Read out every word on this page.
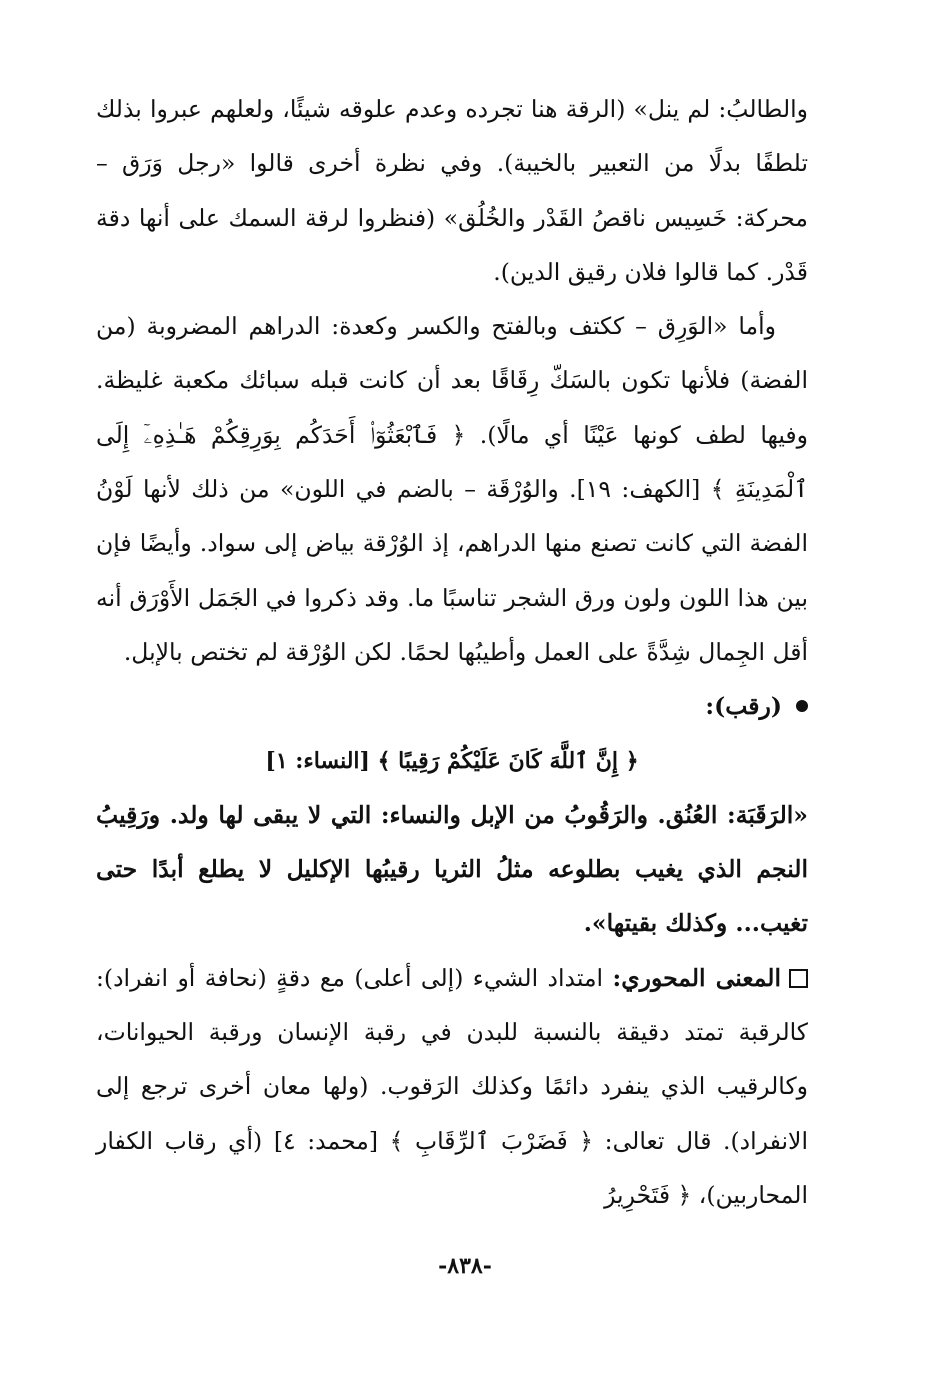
والطالبُ: لم ينل» (الرقة هنا تجرده وعدم علوقه شيئًا، ولعلهم عبروا بذلك تلطفًا بدلًا من التعبير بالخيبة). وفي نظرة أخرى قالوا «رجل وَرَق – محركة: خَسِيس ناقصُ القَدْر والخُلُق» (فنظروا لرقة السمك على أنها دقة قَدْر. كما قالوا فلان رقيق الدين).

وأما «الوَرِق – ككتف وبالفتح والكسر وكعدة: الدراهم المضروبة (من الفضة) فلأنها تكون بالسَكّ رِقَاقًا بعد أن كانت قبله سبائك مكعبة غليظة. وفيها لطف كونها عَيْنًا أي مالًا). ﴿ فَٱبْعَثُوٓا۟ أَحَدَكُم بِوَرِقِكُمْ هَـٰذِهِۦٓ إِلَى ٱلْمَدِينَةِ ﴾ [الكهف: ١٩]. والوُرْقَة – بالضم في اللون» من ذلك لأنها لَوْنُ الفضة التي كانت تصنع منها الدراهم، إذ الوُرْقة بياض إلى سواد. وأيضًا فإن بين هذا اللون ولون ورق الشجر تناسبًا ما. وقد ذكروا في الجَمَل الأَوْرَق أنه أقل الجِمال شِدَّةً على العمل وأطيبُها لحمًا. لكن الوُرْقة لم تختص بالإبل.

(رقب):

﴿ إِنَّ ٱللَّهَ كَانَ عَلَيْكُمْ رَقِيبًا ﴾ [النساء: ١]

«الرَقَبَة: العُنُق. والرَقُوبُ من الإبل والنساء: التي لا يبقى لها ولد. ورَقِيبُ النجم الذي يغيب بطلوعه مثلُ الثريا رقيبُها الإكليل لا يطلع أبدًا حتى تغيب... وكذلك بقيتها».

المعنى المحوري: امتداد الشيء (إلى أعلى) مع دقةٍ (نحافة أو انفراد): كالرقبة تمتد دقيقة بالنسبة للبدن في رقبة الإنسان ورقبة الحيوانات، وكالرقيب الذي ينفرد دائمًا وكذلك الرَقوب. (ولها معان أخرى ترجع إلى الانفراد). قال تعالى: ﴿ فَضَرْبَ ٱلرِّقَابِ ﴾ [محمد: ٤] (أي رقاب الكفار المحاربين)، ﴿ فَتَحْرِيرُ

-٨٣٨-
